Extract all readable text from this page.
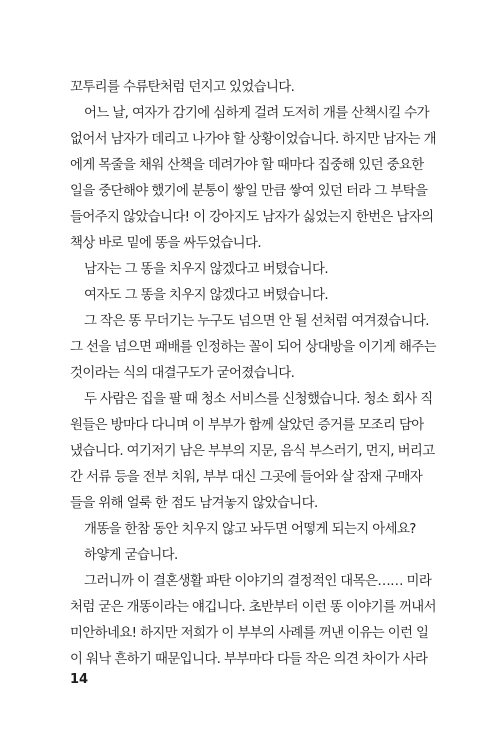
꼬투리를 수류탄처럼 던지고 있었습니다.
어느 날, 여자가 감기에 심하게 걸려 도저히 개를 산책시킬 수가
없어서 남자가 데리고 나가야 할 상황이었습니다. 하지만 남자는 개
에게 목줄을 채워 산책을 데려가야 할 때마다 집중해 있던 중요한
일을 중단해야 했기에 분통이 쌓일 만큼 쌓여 있던 터라 그 부탁을
들어주지 않았습니다! 이 강아지도 남자가 싫었는지 한번은 남자의
책상 바로 밑에 똥을 싸두었습니다.
남자는 그 똥을 치우지 않겠다고 버텼습니다.
여자도 그 똥을 치우지 않겠다고 버텼습니다.
그 작은 똥 무더기는 누구도 넘으면 안 될 선처럼 여겨졌습니다.
그 선을 넘으면 패배를 인정하는 꼴이 되어 상대방을 이기게 해주는
것이라는 식의 대결구도가 굳어졌습니다.
두 사람은 집을 팔 때 청소 서비스를 신청했습니다. 청소 회사 직
원들은 방마다 다니며 이 부부가 함께 살았던 증거를 모조리 담아
냈습니다. 여기저기 남은 부부의 지문, 음식 부스러기, 먼지, 버리고
간 서류 등을 전부 치워, 부부 대신 그곳에 들어와 살 잠재 구매자
들을 위해 얼룩 한 점도 남겨놓지 않았습니다.
개똥을 한참 동안 치우지 않고 놔두면 어떻게 되는지 아세요?
하얗게 굳습니다.
그러니까 이 결혼생활 파탄 이야기의 결정적인 대목은…… 미라
처럼 굳은 개똥이라는 얘깁니다. 초반부터 이런 똥 이야기를 꺼내서
미안하네요! 하지만 저희가 이 부부의 사례를 꺼낸 이유는 이런 일
이 워낙 흔하기 때문입니다. 부부마다 다들 작은 의견 차이가 사라
14
